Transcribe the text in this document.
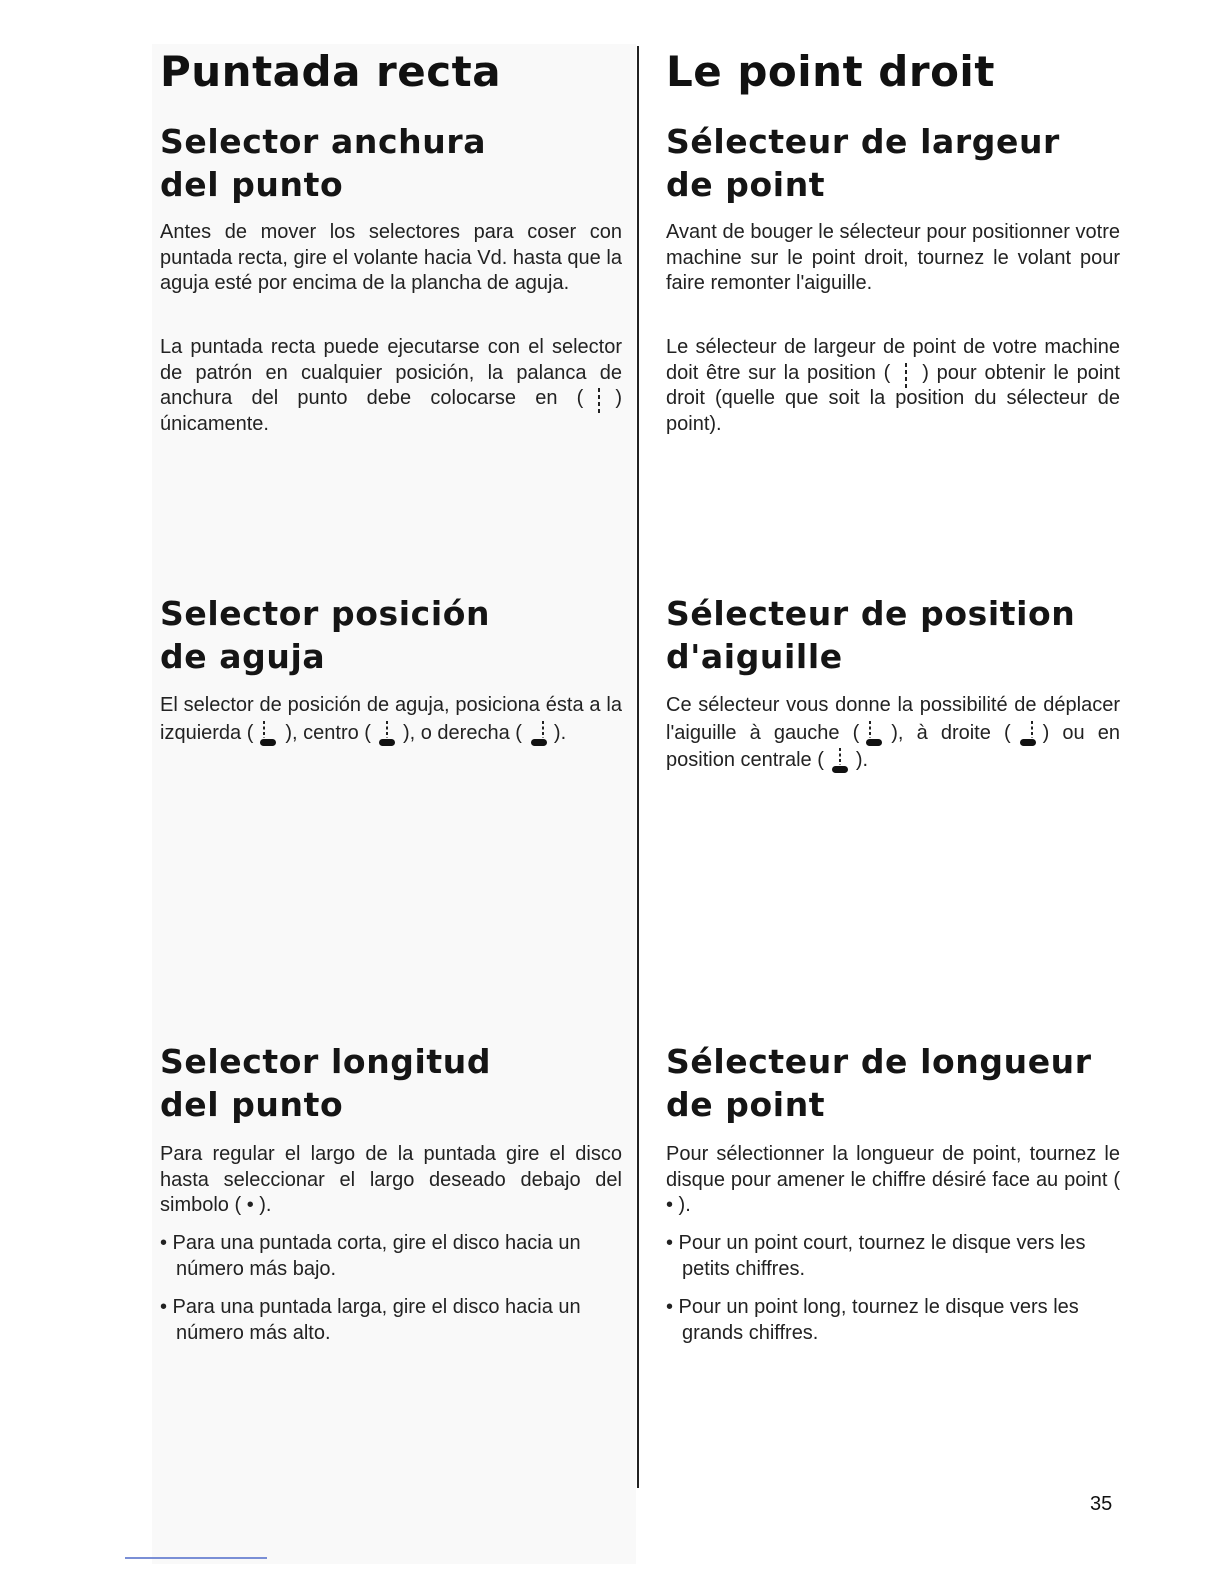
Puntada recta
Selector anchura
del punto

Antes de mover los selectores para coser con puntada recta, gire el volante hacia Vd. hasta que la aguja esté por encima de la plancha de aguja.

La puntada recta puede ejecutarse con el selector de patrón en cualquier posición, la palanca de anchura del punto debe colocarse en ( ) únicamente.

Selector posición
de aguja

El selector de posición de aguja, posiciona ésta a la izquierda ( ), centro ( ), o derecha ( ).

Selector longitud
del punto

Para regular el largo de la puntada gire el disco hasta seleccionar el largo deseado debajo del simbolo ( • ).

• Para una puntada corta, gire el disco hacia un número más bajo.

• Para una puntada larga, gire el disco hacia un número más alto.

Le point droit
Sélecteur de largeur
de point

Avant de bouger le sélecteur pour positionner votre machine sur le point droit, tournez le volant pour faire remonter l'aiguille.

Le sélecteur de largeur de point de votre machine doit être sur la position ( ) pour obtenir le point droit (quelle que soit la position du sélecteur de point).

Sélecteur de position
d'aiguille

Ce sélecteur vous donne la possibilité de déplacer l'aiguille à gauche ( ), à droite ( ) ou en position centrale ( ).

Sélecteur de longueur
de point

Pour sélectionner la longueur de point, tournez le disque pour amener le chiffre désiré face au point ( • ).

• Pour un point court, tournez le disque vers les petits chiffres.

• Pour un point long, tournez le disque vers les grands chiffres.

35
